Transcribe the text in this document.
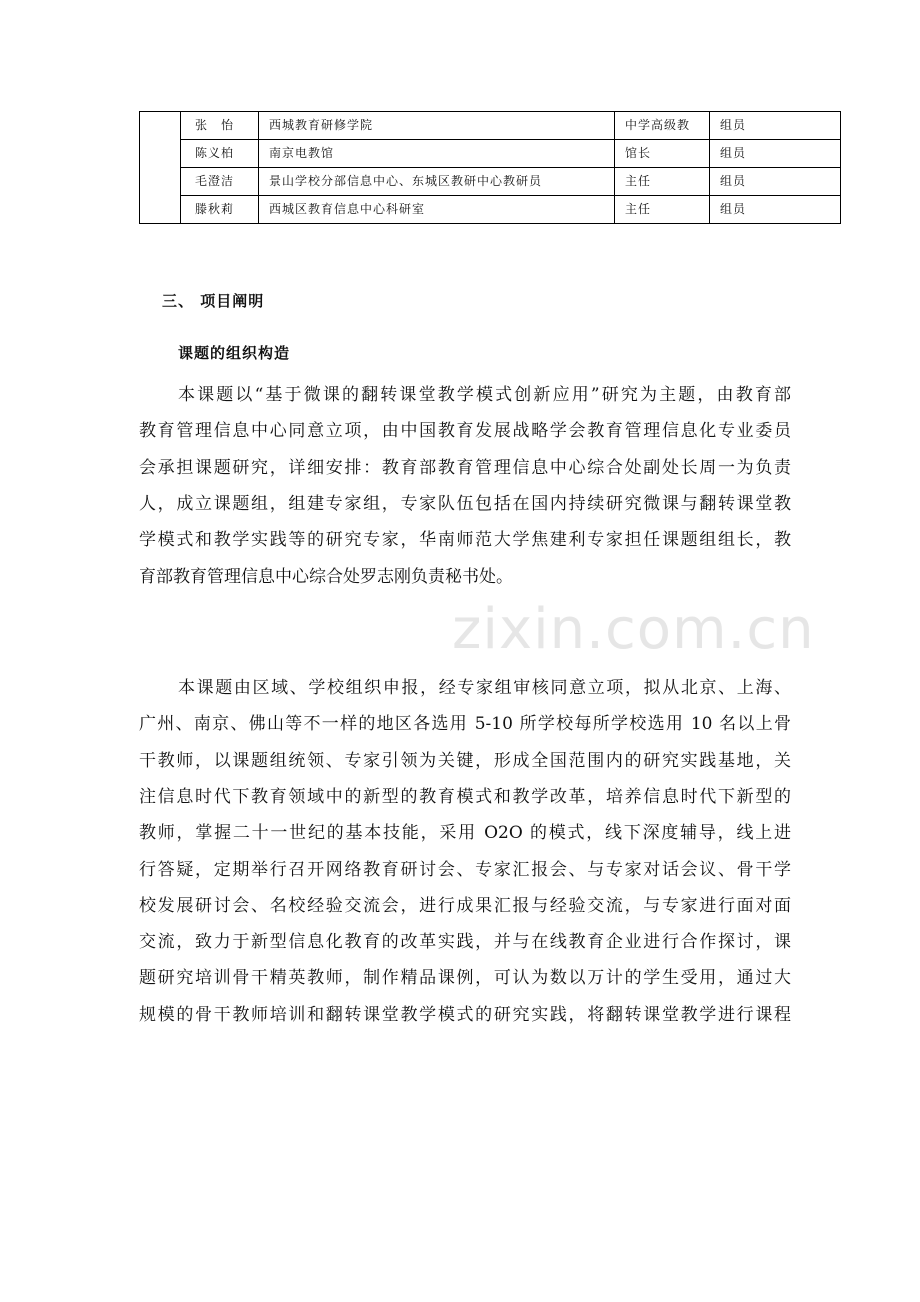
	张　怡	西城教育研修学院	中学高级教	组员
	陈义柏	南京电教馆	馆长	组员
	毛澄洁	景山学校分部信息中心、东城区教研中心教研员	主任	组员
	滕秋莉	西城区教育信息中心科研室	主任	组员
三、 项目阐明
课题的组织构造

本课题以“基于微课的翻转课堂教学模式创新应用”研究为主题，由教育部

教育管理信息中心同意立项，由中国教育发展战略学会教育管理信息化专业委员

会承担课题研究，详细安排：教育部教育管理信息中心综合处副处长周一为负责

人，成立课题组，组建专家组，专家队伍包括在国内持续研究微课与翻转课堂教

学模式和教学实践等的研究专家，华南师范大学焦建利专家担任课题组组长，教

育部教育管理信息中心综合处罗志刚负责秘书处。

本课题由区域、学校组织申报，经专家组审核同意立项，拟从北京、上海、

广州、南京、佛山等不一样的地区各选用 5-10 所学校每所学校选用 10 名以上骨

干教师，以课题组统领、专家引领为关键，形成全国范围内的研究实践基地，关

注信息时代下教育领域中的新型的教育模式和教学改革，培养信息时代下新型的

教师，掌握二十一世纪的基本技能，采用 O2O 的模式，线下深度辅导，线上进

行答疑，定期举行召开网络教育研讨会、专家汇报会、与专家对话会议、骨干学

校发展研讨会、名校经验交流会，进行成果汇报与经验交流，与专家进行面对面

交流，致力于新型信息化教育的改革实践，并与在线教育企业进行合作探讨，课

题研究培训骨干精英教师，制作精品课例，可认为数以万计的学生受用，通过大

规模的骨干教师培训和翻转课堂教学模式的研究实践，将翻转课堂教学进行课程

zixin.com.cn
